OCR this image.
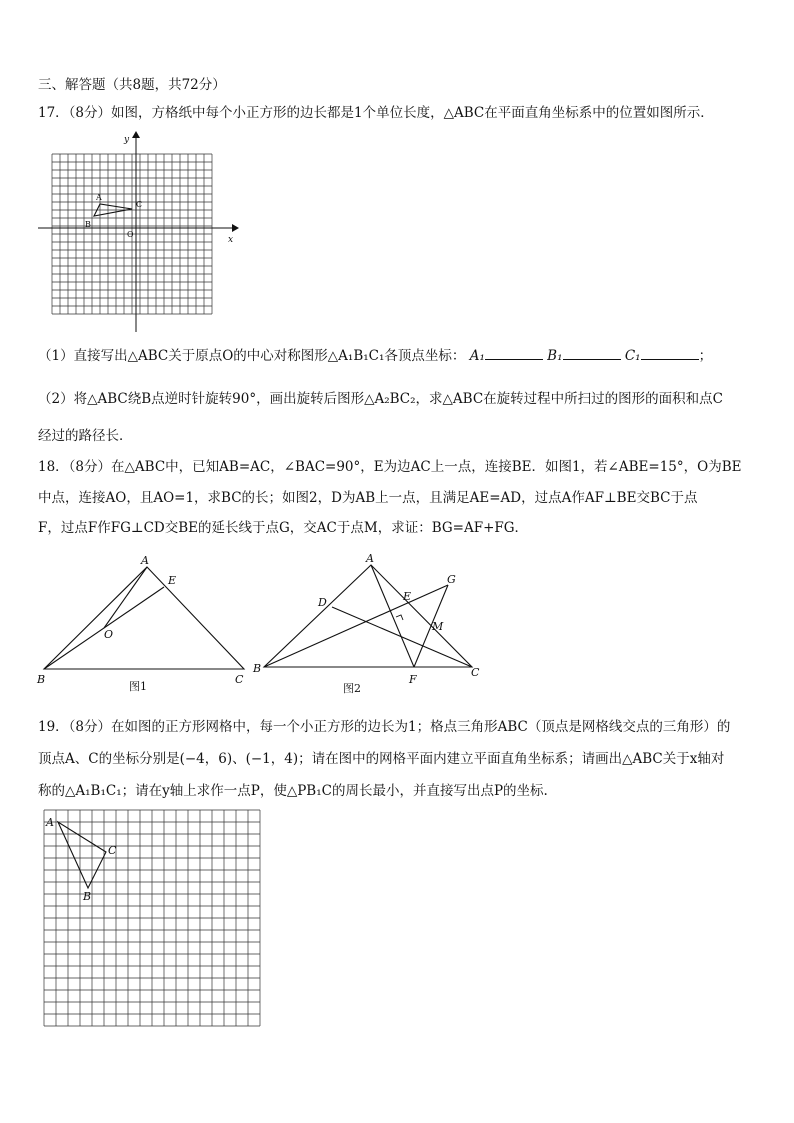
三、解答题（共8题，共72分）
17．（8分）如图，方格纸中每个小正方形的边长都是1个单位长度，△ABC在平面直角坐标系中的位置如图所示．
y
x
A
B
C
O
（1）直接写出△ABC关于原点O的中心对称图形△A₁B₁C₁各顶点坐标： A₁	B₁	C₁	；
（2）将△ABC绕B点逆时针旋转90°，画出旋转后图形△A₂BC₂，求△ABC在旋转过程中所扫过的图形的面积和点C
经过的路径长．
18．（8分）在△ABC中，已知AB=AC，∠BAC=90°，E为边AC上一点，连接BE．如图1，若∠ABE=15°，O为BE
中点，连接AO，且AO=1，求BC的长；如图2，D为AB上一点，且满足AE=AD，过点A作AF⊥BE交BC于点
F，过点F作FG⊥CD交BE的延长线于点G，交AC于点M，求证：BG=AF+FG．
A
E
O
B	C
图1
A
G
D	E
M
B
F
C
图2
19．（8分）在如图的正方形网格中，每一个小正方形的边长为1；格点三角形ABC（顶点是网格线交点的三角形）的
顶点A、C的坐标分别是(−4，6)、(−1，4)；请在图中的网格平面内建立平面直角坐标系；请画出△ABC关于x轴对
称的△A₁B₁C₁；请在y轴上求作一点P，使△PB₁C的周长最小，并直接写出点P的坐标.
A
C
B
